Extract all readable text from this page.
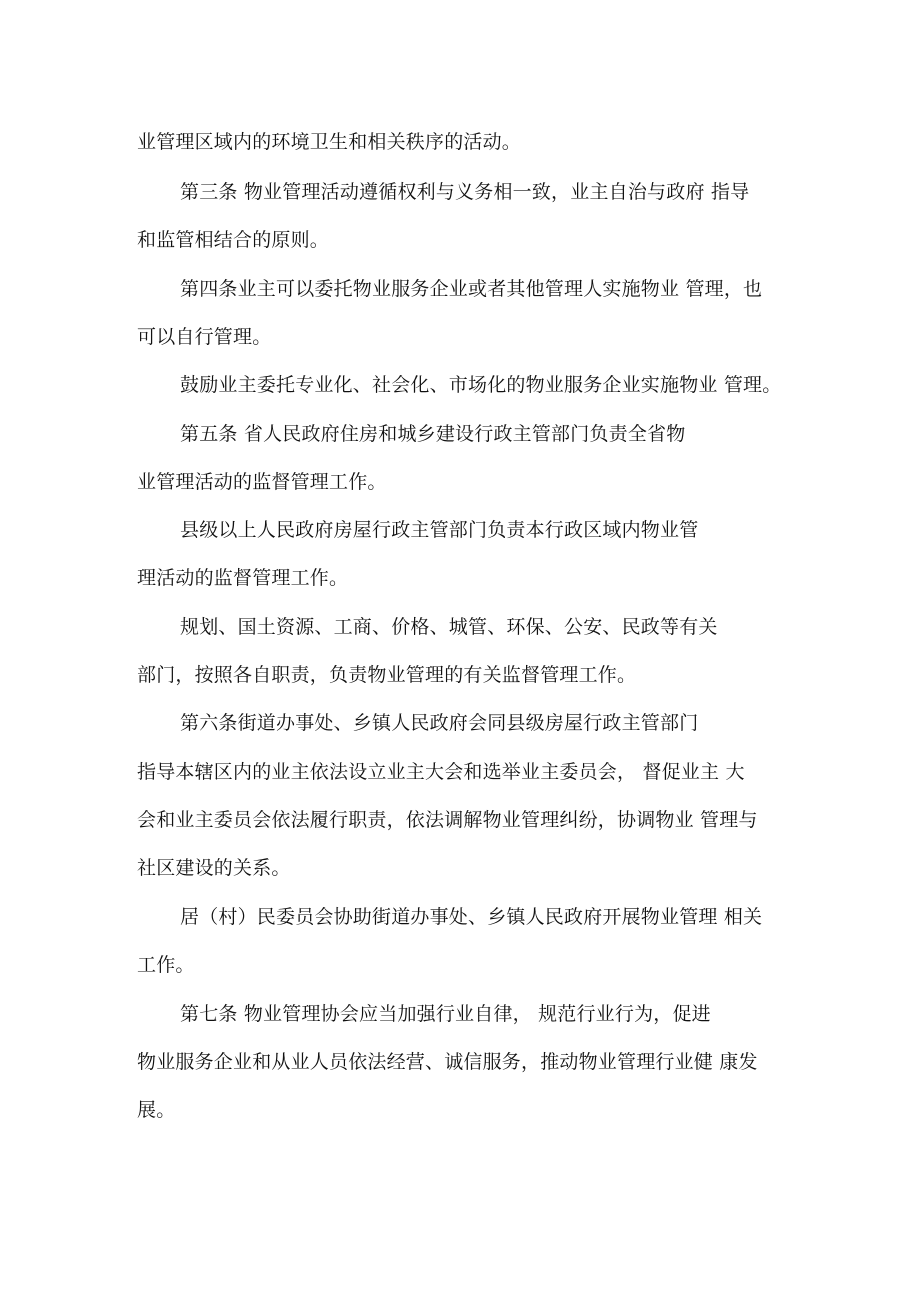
业管理区域内的环境卫生和相关秩序的活动。
第三条 物业管理活动遵循权利与义务相一致，业主自治与政府 指导
和监管相结合的原则。
第四条业主可以委托物业服务企业或者其他管理人实施物业 管理，也
可以自行管理。
鼓励业主委托专业化、社会化、市场化的物业服务企业实施物业 管理。
第五条 省人民政府住房和城乡建设行政主管部门负责全省物
业管理活动的监督管理工作。
县级以上人民政府房屋行政主管部门负责本行政区域内物业管
理活动的监督管理工作。
规划、国土资源、工商、价格、城管、环保、公安、民政等有关
部门，按照各自职责，负责物业管理的有关监督管理工作。
第六条街道办事处、乡镇人民政府会同县级房屋行政主管部门
指导本辖区内的业主依法设立业主大会和选举业主委员会， 督促业主 大
会和业主委员会依法履行职责，依法调解物业管理纠纷，协调物业 管理与
社区建设的关系。
居（村）民委员会协助街道办事处、乡镇人民政府开展物业管理 相关
工作。
第七条 物业管理协会应当加强行业自律， 规范行业行为，促进
物业服务企业和从业人员依法经营、诚信服务，推动物业管理行业健 康发
展。
